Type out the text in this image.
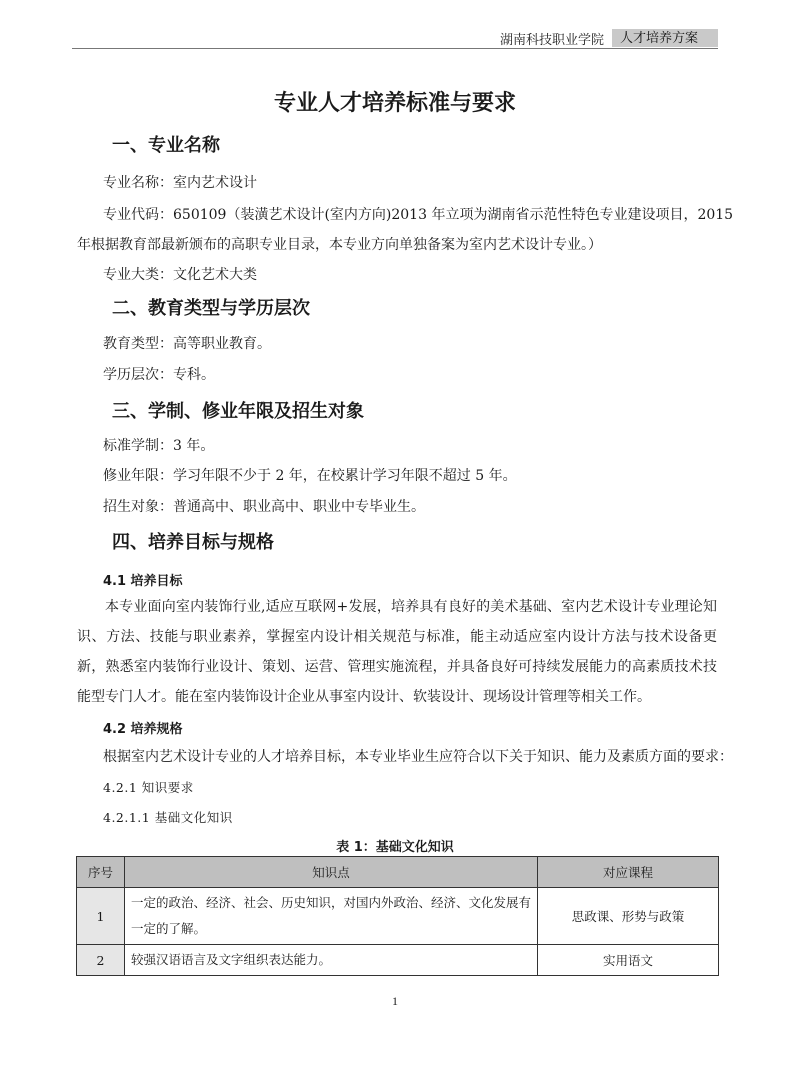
湖南科技职业学院	人才培养方案
专业人才培养标准与要求
一、专业名称

专业名称：室内艺术设计

专业代码：650109（装潢艺术设计(室内方向)2013 年立项为湖南省示范性特色专业建设项目，2015

年根据教育部最新颁布的高职专业目录，本专业方向单独备案为室内艺术设计专业。）

专业大类：文化艺术大类

二、教育类型与学历层次

教育类型：高等职业教育。

学历层次：专科。

三、学制、修业年限及招生对象

标准学制：3 年。

修业年限：学习年限不少于 2 年，在校累计学习年限不超过 5 年。

招生对象：普通高中、职业高中、职业中专毕业生。

四、培养目标与规格
4.1 培养目标

本专业面向室内装饰行业,适应互联网+发展，培养具有良好的美术基础、室内艺术设计专业理论知识、方法、技能与职业素养，掌握室内设计相关规范与标准，能主动适应室内设计方法与技术设备更新，熟悉室内装饰行业设计、策划、运营、管理实施流程，并具备良好可持续发展能力的高素质技术技能型专门人才。能在室内装饰设计企业从事室内设计、软装设计、现场设计管理等相关工作。

4.2 培养规格

根据室内艺术设计专业的人才培养目标，本专业毕业生应符合以下关于知识、能力及素质方面的要求：

4.2.1 知识要求

4.2.1.1 基础文化知识

表 1：基础文化知识

序号	知识点	对应课程
1	一定的政治、经济、社会、历史知识，对国内外政治、经济、文化发展有一定的了解。	思政课、形势与政策
2	较强汉语语言及文字组织表达能力。	实用语文

1
